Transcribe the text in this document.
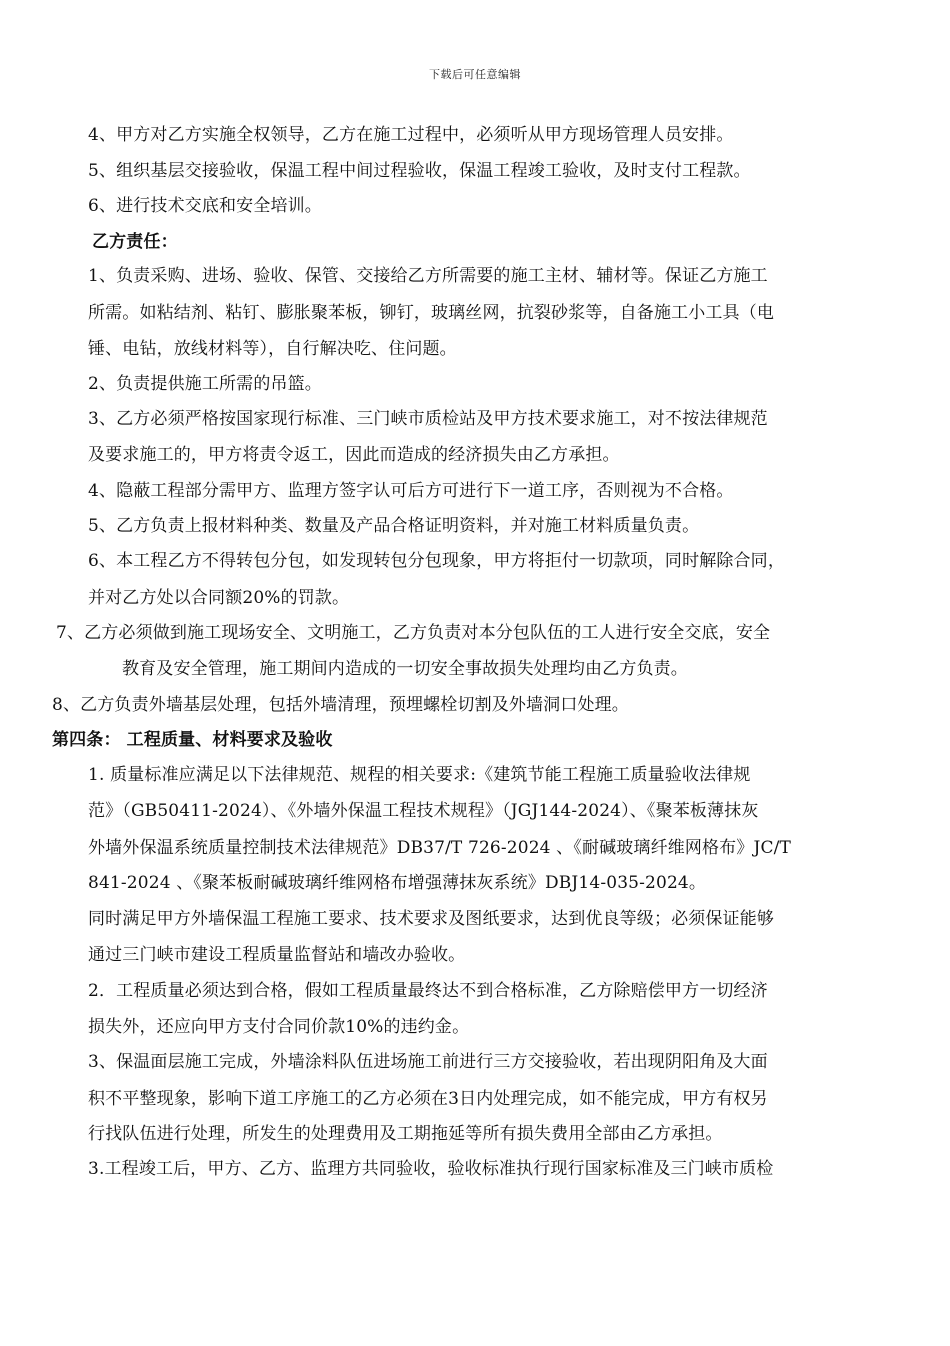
下载后可任意编辑
4、甲方对乙方实施全权领导，乙方在施工过程中，必须听从甲方现场管理人员安排。
5、组织基层交接验收，保温工程中间过程验收，保温工程竣工验收，及时支付工程款。
6、进行技术交底和安全培训。
乙方责任：
1、负责采购、进场、验收、保管、交接给乙方所需要的施工主材、辅材等。保证乙方施工
所需。如粘结剂、粘钉、膨胀聚苯板，铆钉，玻璃丝网，抗裂砂浆等，自备施工小工具（电
锤、电钻，放线材料等），自行解决吃、住问题。
2、负责提供施工所需的吊篮。
3、乙方必须严格按国家现行标准、三门峡市质检站及甲方技术要求施工，对不按法律规范
及要求施工的，甲方将责令返工，因此而造成的经济损失由乙方承担。
4、隐蔽工程部分需甲方、监理方签字认可后方可进行下一道工序，否则视为不合格。
5、乙方负责上报材料种类、数量及产品合格证明资料，并对施工材料质量负责。
6、本工程乙方不得转包分包，如发现转包分包现象，甲方将拒付一切款项，同时解除合同，
并对乙方处以合同额20%的罚款。
7、乙方必须做到施工现场安全、文明施工，乙方负责对本分包队伍的工人进行安全交底，安全
教育及安全管理，施工期间内造成的一切安全事故损失处理均由乙方负责。
8、乙方负责外墙基层处理，包括外墙清理，预埋螺栓切割及外墙洞口处理。
第四条： 工程质量、材料要求及验收
1. 质量标准应满足以下法律规范、规程的相关要求:《建筑节能工程施工质量验收法律规
范》（GB50411-2024）、《外墙外保温工程技术规程》（JGJ144-2024）、《聚苯板薄抹灰
外墙外保温系统质量控制技术法律规范》DB37/T 726-2024 、《耐碱玻璃纤维网格布》JC/T
841-2024 、《聚苯板耐碱玻璃纤维网格布增强薄抹灰系统》DBJ14-035-2024。
同时满足甲方外墙保温工程施工要求、技术要求及图纸要求，达到优良等级；必须保证能够
通过三门峡市建设工程质量监督站和墙改办验收。
2．工程质量必须达到合格，假如工程质量最终达不到合格标准，乙方除赔偿甲方一切经济
损失外，还应向甲方支付合同价款10%的违约金。
3、保温面层施工完成，外墙涂料队伍进场施工前进行三方交接验收，若出现阴阳角及大面
积不平整现象，影响下道工序施工的乙方必须在3日内处理完成，如不能完成，甲方有权另
行找队伍进行处理，所发生的处理费用及工期拖延等所有损失费用全部由乙方承担。
3.工程竣工后，甲方、乙方、监理方共同验收，验收标准执行现行国家标准及三门峡市质检
